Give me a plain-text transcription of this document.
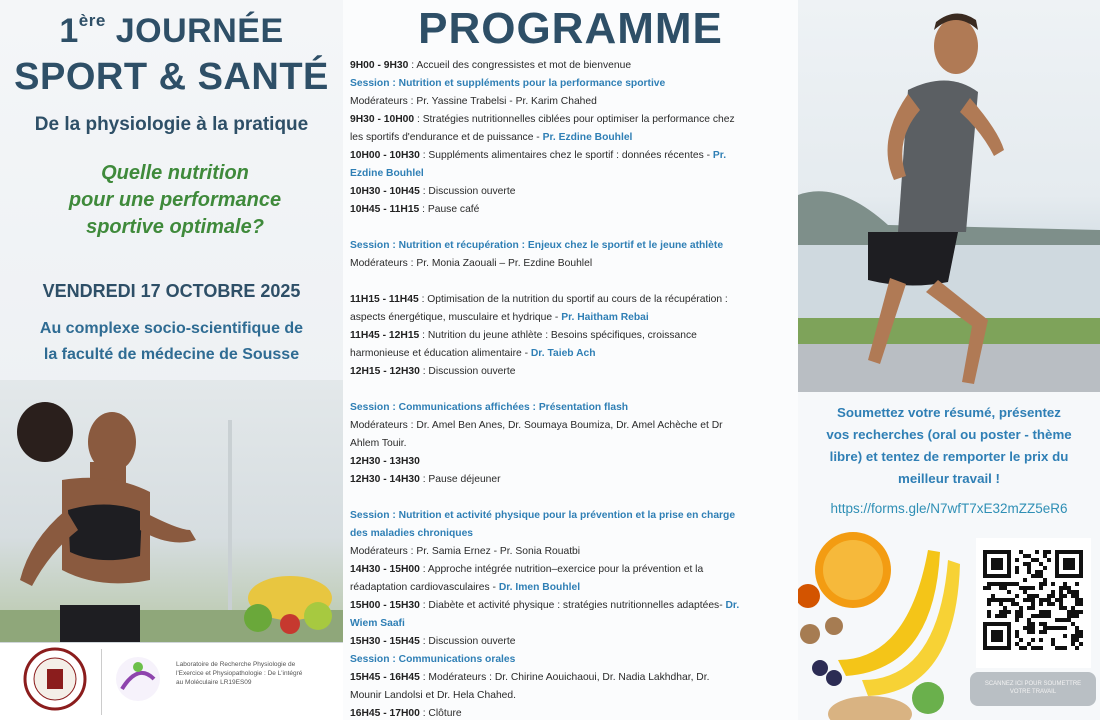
1ère JOURNÉE
SPORT & SANTÉ
De la physiologie à la pratique
Quelle nutrition
pour une performance
sportive optimale?
VENDREDI 17 OCTOBRE 2025
Au complexe socio-scientifique de
la faculté de médecine de Sousse
Laboratoire de Recherche Physiologie de
l'Exercice et Physiopathologie : De L'intégré
au Moléculaire LR19ES09
PROGRAMME
9H00 - 9H30 : Accueil des congressistes et mot de bienvenue
Session : Nutrition et suppléments pour la performance sportive
Modérateurs : Pr. Yassine Trabelsi - Pr. Karim Chahed
9H30 - 10H00 : Stratégies nutritionnelles ciblées pour optimiser la performance chez
les sportifs d'endurance et de puissance - Pr. Ezdine Bouhlel
10H00 - 10H30 : Suppléments alimentaires chez le sportif : données récentes - Pr.
Ezdine Bouhlel
10H30 - 10H45 : Discussion ouverte
10H45 - 11H15 : Pause café
Session : Nutrition et récupération : Enjeux chez le sportif et le jeune athlète
Modérateurs : Pr. Monia Zaouali – Pr. Ezdine Bouhlel
11H15 - 11H45 : Optimisation de la nutrition du sportif au cours de la récupération :
aspects énergétique, musculaire et hydrique - Pr. Haitham Rebai
11H45 - 12H15 : Nutrition du jeune athlète : Besoins spécifiques, croissance
harmonieuse et éducation alimentaire - Dr. Taieb Ach
12H15 - 12H30 : Discussion ouverte
Session : Communications affichées : Présentation flash
Modérateurs : Dr. Amel Ben Anes, Dr. Soumaya Boumiza, Dr. Amel Achèche et Dr
Ahlem Touir.
12H30 - 13H30
12H30 - 14H30 : Pause déjeuner
Session : Nutrition et activité physique pour la prévention et la prise en charge
des maladies chroniques
Modérateurs : Pr. Samia Ernez - Pr. Sonia Rouatbi
14H30 - 15H00 : Approche intégrée nutrition–exercice pour la prévention et la
réadaptation cardiovasculaires - Dr. Imen Bouhlel
15H00 - 15H30 : Diabète et activité physique : stratégies nutritionnelles adaptées- Dr.
Wiem Saafi
15H30 - 15H45 : Discussion ouverte
Session : Communications orales
15H45 - 16H45 : Modérateurs : Dr. Chirine Aouichaoui, Dr. Nadia Lakhdhar, Dr.
Mounir Landolsi et Dr. Hela Chahed.
16H45 - 17H00 : Clôture
Soumettez votre résumé, présentez
vos recherches (oral ou poster - thème
libre) et tentez de remporter le prix du
meilleur travail !
https://forms.gle/N7wfT7xE32mZZ5eR6
SCANNEZ ICI POUR SOUMETTRE
VOTRE TRAVAIL
